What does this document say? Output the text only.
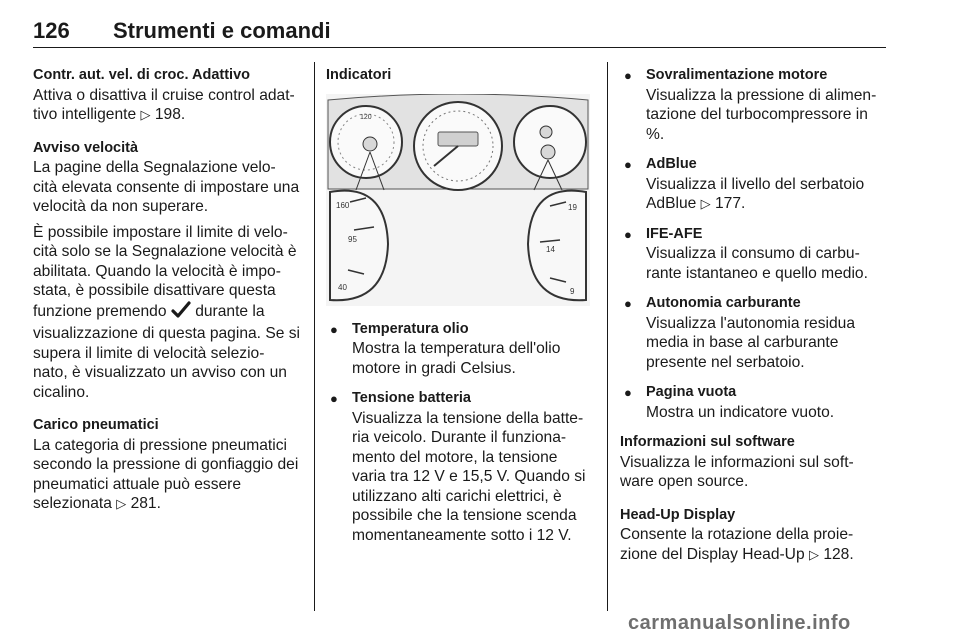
126 Strumenti e comandi
Contr. aut. vel. di croc. Adattivo
Attiva o disattiva il cruise control adat-
tivo intelligente ▷ 198.
Avviso velocità
La pagine della Segnalazione velo- cità elevata consente di impostare una velocità da non superare.
È possibile impostare il limite di velo- cità solo se la Segnalazione velocità è abilitata. Quando la velocità è impo- stata, è possibile disattivare questa funzione premendo durante la visualizzazione di questa pagina. Se si supera il limite di velocità selezio- nato, è visualizzato un avviso con un cicalino.
Carico pneumatici
La categoria di pressione pneumatici secondo la pressione di gonfiaggio dei pneumatici attuale può essere selezionata ▷ 281.
Indicatori
120
160
95
40
19
14
9
● Temperatura olio
Mostra la temperatura dell'olio motore in gradi Celsius.
● Tensione batteria
Visualizza la tensione della batte- ria veicolo. Durante il funziona- mento del motore, la tensione varia tra 12 V e 15,5 V. Quando si utilizzano alti carichi elettrici, è possibile che la tensione scenda momentaneamente sotto i 12 V.
● Sovralimentazione motore
Visualizza la pressione di alimen- tazione del turbocompressore in %.
● AdBlue
Visualizza il livello del serbatoio AdBlue ▷ 177.
● IFE-AFE
Visualizza il consumo di carbu- rante istantaneo e quello medio.
● Autonomia carburante
Visualizza l'autonomia residua media in base al carburante presente nel serbatoio.
● Pagina vuota
Mostra un indicatore vuoto.
Informazioni sul software
Visualizza le informazioni sul soft- ware open source.
Head-Up Display
Consente la rotazione della proie- zione del Display Head-Up ▷ 128.
carmanualsonline.info
